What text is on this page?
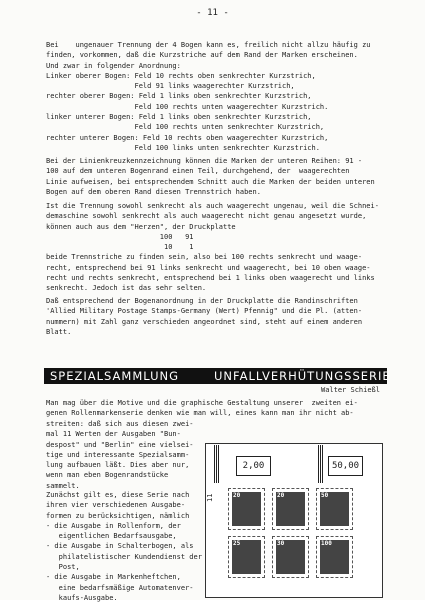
- 11 -
Bei    ungenauer Trennung der 4 Bogen kann es, freilich nicht allzu häufig zu
finden, vorkommen, daß die Kurzstriche auf dem Rand der Marken erscheinen.
Und zwar in folgender Anordnung:
Linker oberer Bogen: Feld 10 rechts oben senkrechter Kurzstrich,
Feld 91 links waagerechter Kurzstrich,
rechter oberer Bogen: Feld 1 links oben senkrechter Kurzstrich,
Feld 100 rechts unten waagerechter Kurzstrich.
linker unterer Bogen: Feld 1 links oben senkrechter Kurzstrich,
Feld 100 rechts unten senkrechter Kurzstrich,
rechter unterer Bogen: Feld 10 rechts oben waagerechter Kurzstrich,
Feld 100 links unten senkrechter Kurzstrich.
Bei der Linienkreuzkennzeichnung können die Marken der unteren Reihen: 91 -
100 auf dem unteren Bogenrand einen Teil, durchgehend, der  waagerechten
Linie aufweisen, bei entsprechendem Schnitt auch die Marken der beiden unteren
Bogen auf dem oberen Rand diesen Trennstrich haben.
Ist die Trennung sowohl senkrecht als auch waagerecht ungenau, weil die Schnei-
demaschine sowohl senkrecht als auch waagerecht nicht genau angesetzt wurde,
können auch aus dem "Herzen", der Druckplatte
100   91
10    1
beide Trennstriche zu finden sein, also bei 100 rechts senkrecht und waage-
recht, entsprechend bei 91 links senkrecht und waagerecht, bei 10 oben waage-
recht und rechts senkrecht, entsprechend bei 1 links oben waagerecht und links
senkrecht. Jedoch ist das sehr selten.
Daß entsprechend der Bogenanordnung in der Druckplatte die Randinschriften
'Allied Military Postage Stamps-Germany (Wert) Pfennig" und die Pl. (atten-
nummern) mit Zahl ganz verschieden angeordnet sind, steht auf einem anderen
Blatt.
SPEZIALSAMMLUNG	UNFALLVERHÜTUNGSSERIE
Walter Schießl
Man mag über die Motive und die graphische Gestaltung unserer  zweiten ei-
genen Rollenmarkenserie denken wie man will, eines kann man ihr nicht ab-
streiten: daß sich aus diesen zwei-
mal 11 Werten der Ausgaben "Bun-
despost" und "Berlin" eine vielsei-
tige und interessante Spezialsamm-
lung aufbauen läßt. Dies aber nur,
wenn man eben Bogenrandstücke
sammelt.
Zunächst gilt es, diese Serie nach
ihren vier verschiedenen Ausgabe-
formen zu berücksichtigen, nämlich
- die Ausgabe in Rollenform, der
eigentlichen Bedarfsausgabe,
- die Ausgabe in Schalterbogen, als
philatelistischer Kundendienst der
Post,
- die Ausgabe in Markenheftchen,
eine bedarfsmäßige Automatenver-
kaufs-Ausgabe.
2,00	50,00
11	20	20	50
25	30	100
